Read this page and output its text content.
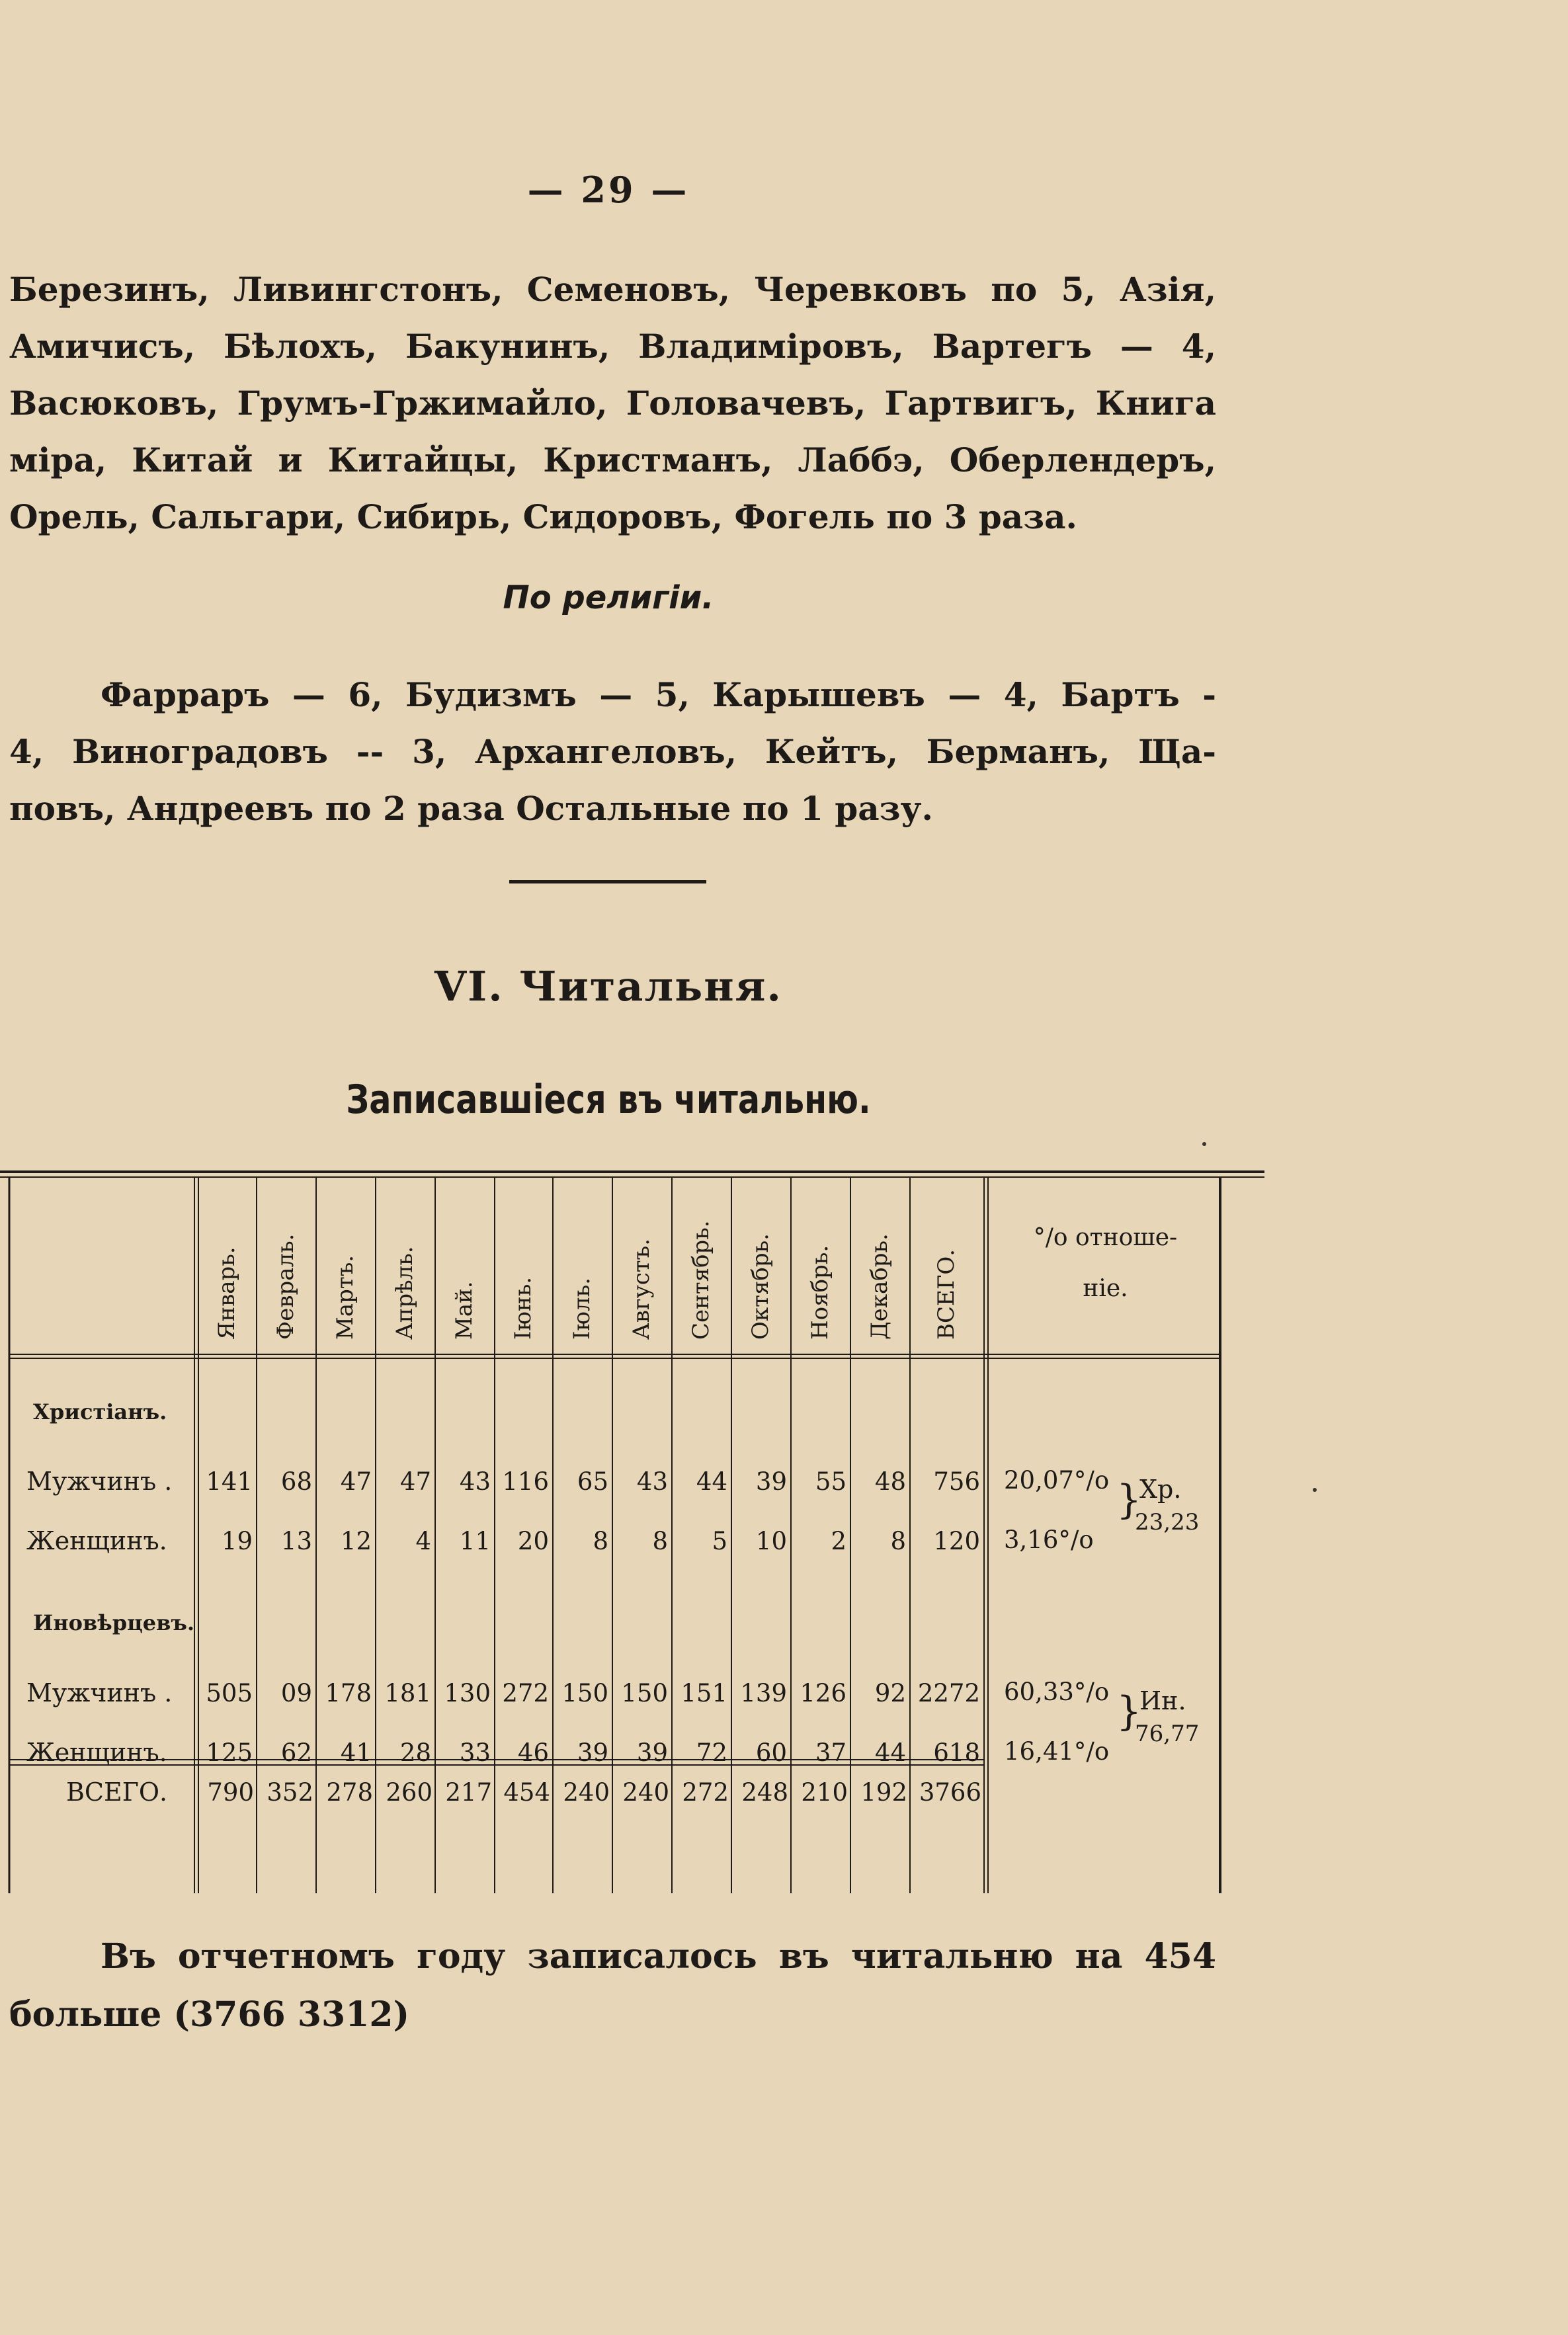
— 29 —
Березинъ, Ливингстонъ, Семеновъ, Черевковъ по 5, Азія,
Амичисъ, Бѣлохъ, Бакунинъ, Владиміровъ, Вартегъ — 4,
Васюковъ, Грумъ-Гржимайло, Головачевъ, Гартвигъ, Книга
міра, Китай и Китайцы, Кристманъ, Лаббэ, Оберлендеръ,
Орель, Сальгари, Сибирь, Сидоровъ, Фогель по 3 раза.
По религіи.
Фарраръ — 6, Будизмъ — 5, Карышевъ — 4, Бартъ -
4, Виноградовъ -- 3, Архангеловъ, Кейтъ, Берманъ, Ща-
повъ, Андреевъ по 2 раза Остальные по 1 разу.
VI. Читальня.
Записавшіеся въ читальню.
Январь. Февраль. Мартъ. Апрѣль. Май. Іюнь. Іюль. Августъ. Сентябрь. Октябрь. Ноябрь. Декабрь. ВСЕГО.
°/о отноше-
ніе.
Христіанъ.
Мужчинъ . 141 68 47 47 43 116 65 43 44 39 55 48 756 20,07°/о
Женщинъ. 19 13 12 4 11 20 8 8 5 10 2 8 120 3,16°/о
}
Хр.
23,23
Иновѣрцевъ.
Мужчинъ . 505 09 178 181 130 272 150 150 151 139 126 92 2272 60,33°/о
Женщинъ. 125 62 41 28 33 46 39 39 72 60 37 44 618 16,41°/о
}
Ин.
76,77
ВСЕГО. 790 352 278 260 217 454 240 240 272 248 210 192 3766
Въ отчетномъ году записалось въ читальню на 454
больше (3766 3312)
